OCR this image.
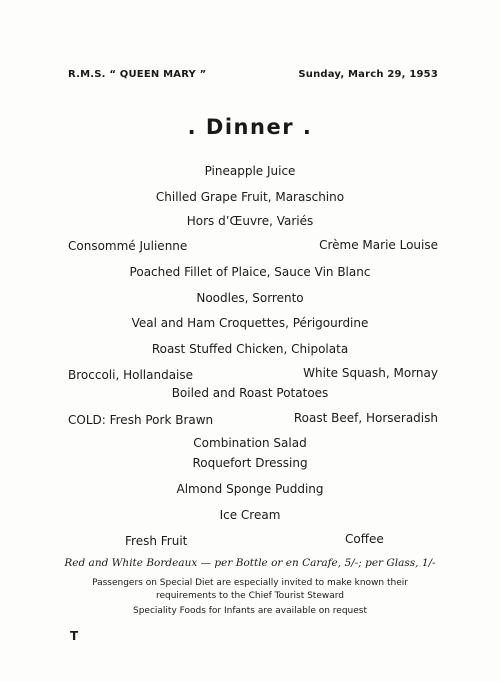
R.M.S. “ QUEEN MARY ”	Sunday, March 29, 1953
. Dinner .
Pineapple Juice
Chilled Grape Fruit, Maraschino
Hors d’Œuvre, Variés
Consommé Julienne	Crème Marie Louise
Poached Fillet of Plaice, Sauce Vin Blanc
Noodles, Sorrento
Veal and Ham Croquettes, Périgourdine
Roast Stuffed Chicken, Chipolata
Broccoli, Hollandaise	White Squash, Mornay
Boiled and Roast Potatoes
COLD: Fresh Pork Brawn	Roast Beef, Horseradish
Combination Salad
Roquefort Dressing
Almond Sponge Pudding
Ice Cream
Fresh Fruit	Coffee
Red and White Bordeaux — per Bottle or en Carafe, 5/-; per Glass, 1/-
Passengers on Special Diet are especially invited to make known their
requirements to the Chief Tourist Steward
Speciality Foods for Infants are available on request
T
